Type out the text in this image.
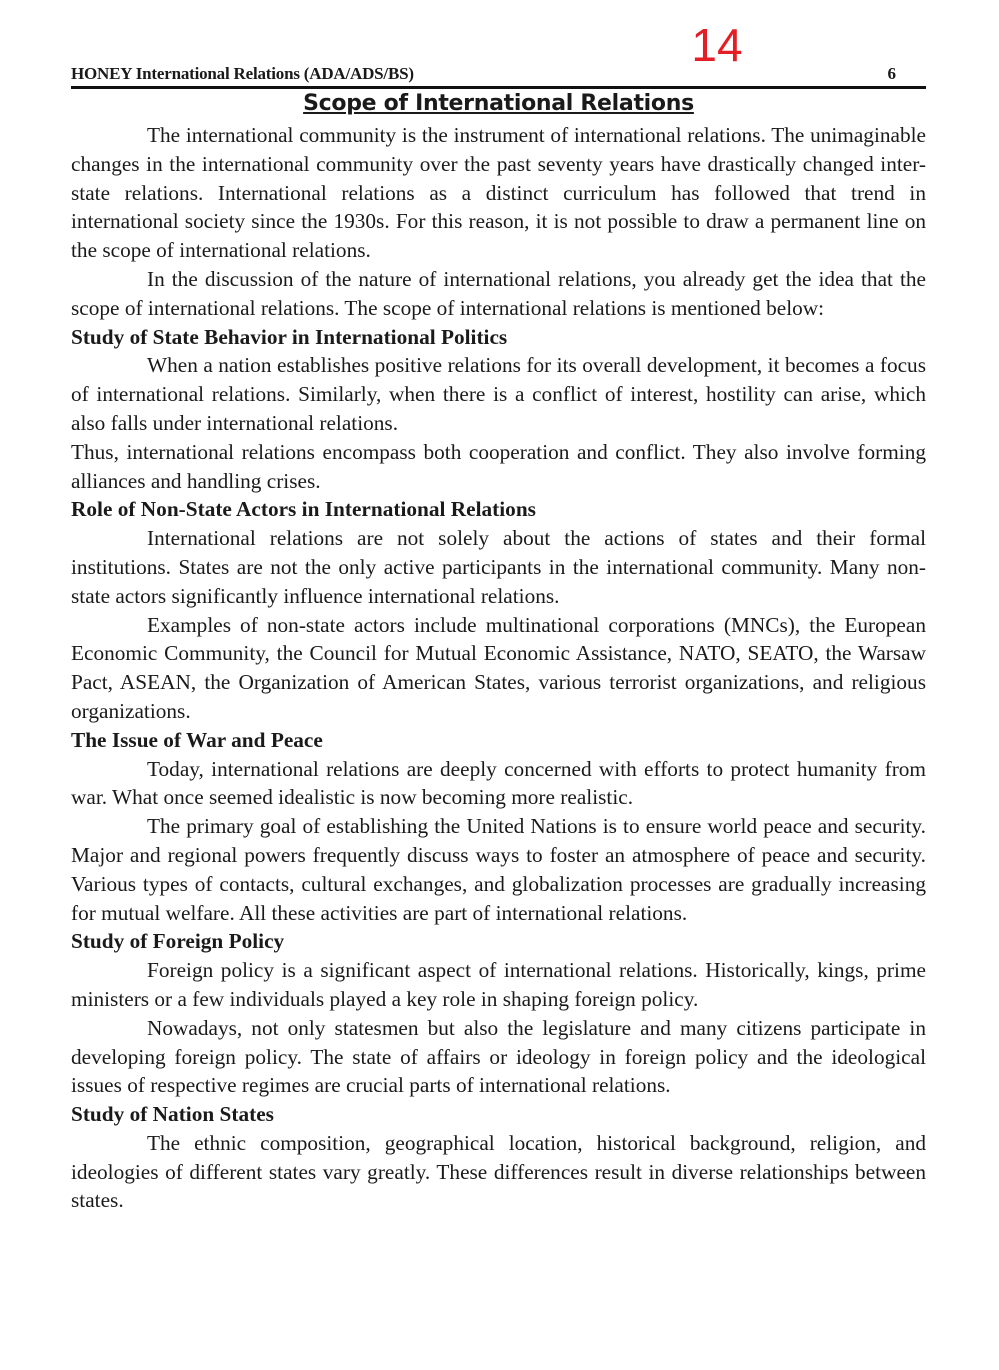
14
HONEY International Relations (ADA/ADS/BS)	6
Scope of International Relations

The international community is the instrument of international relations. The unimaginable changes in the international community over the past seventy years have drastically changed inter-state relations. International relations as a distinct curriculum has followed that trend in international society since the 1930s. For this reason, it is not possible to draw a permanent line on the scope of international relations.

In the discussion of the nature of international relations, you already get the idea that the scope of international relations. The scope of international relations is mentioned below:

Study of State Behavior in International Politics

When a nation establishes positive relations for its overall development, it becomes a focus of international relations. Similarly, when there is a conflict of interest, hostility can arise, which also falls under international relations.

Thus, international relations encompass both cooperation and conflict. They also involve forming alliances and handling crises.

Role of Non-State Actors in International Relations

International relations are not solely about the actions of states and their formal institutions. States are not the only active participants in the international community. Many non-state actors significantly influence international relations.

Examples of non-state actors include multinational corporations (MNCs), the European Economic Community, the Council for Mutual Economic Assistance, NATO, SEATO, the Warsaw Pact, ASEAN, the Organization of American States, various terrorist organizations, and religious organizations.

The Issue of War and Peace

Today, international relations are deeply concerned with efforts to protect humanity from war. What once seemed idealistic is now becoming more realistic.

The primary goal of establishing the United Nations is to ensure world peace and security. Major and regional powers frequently discuss ways to foster an atmosphere of peace and security. Various types of contacts, cultural exchanges, and globalization processes are gradually increasing for mutual welfare. All these activities are part of international relations.

Study of Foreign Policy

Foreign policy is a significant aspect of international relations. Historically, kings, prime ministers or a few individuals played a key role in shaping foreign policy.

Nowadays, not only statesmen but also the legislature and many citizens participate in developing foreign policy. The state of affairs or ideology in foreign policy and the ideological issues of respective regimes are crucial parts of international relations.

Study of Nation States

The ethnic composition, geographical location, historical background, religion, and ideologies of different states vary greatly. These differences result in diverse relationships between states.
